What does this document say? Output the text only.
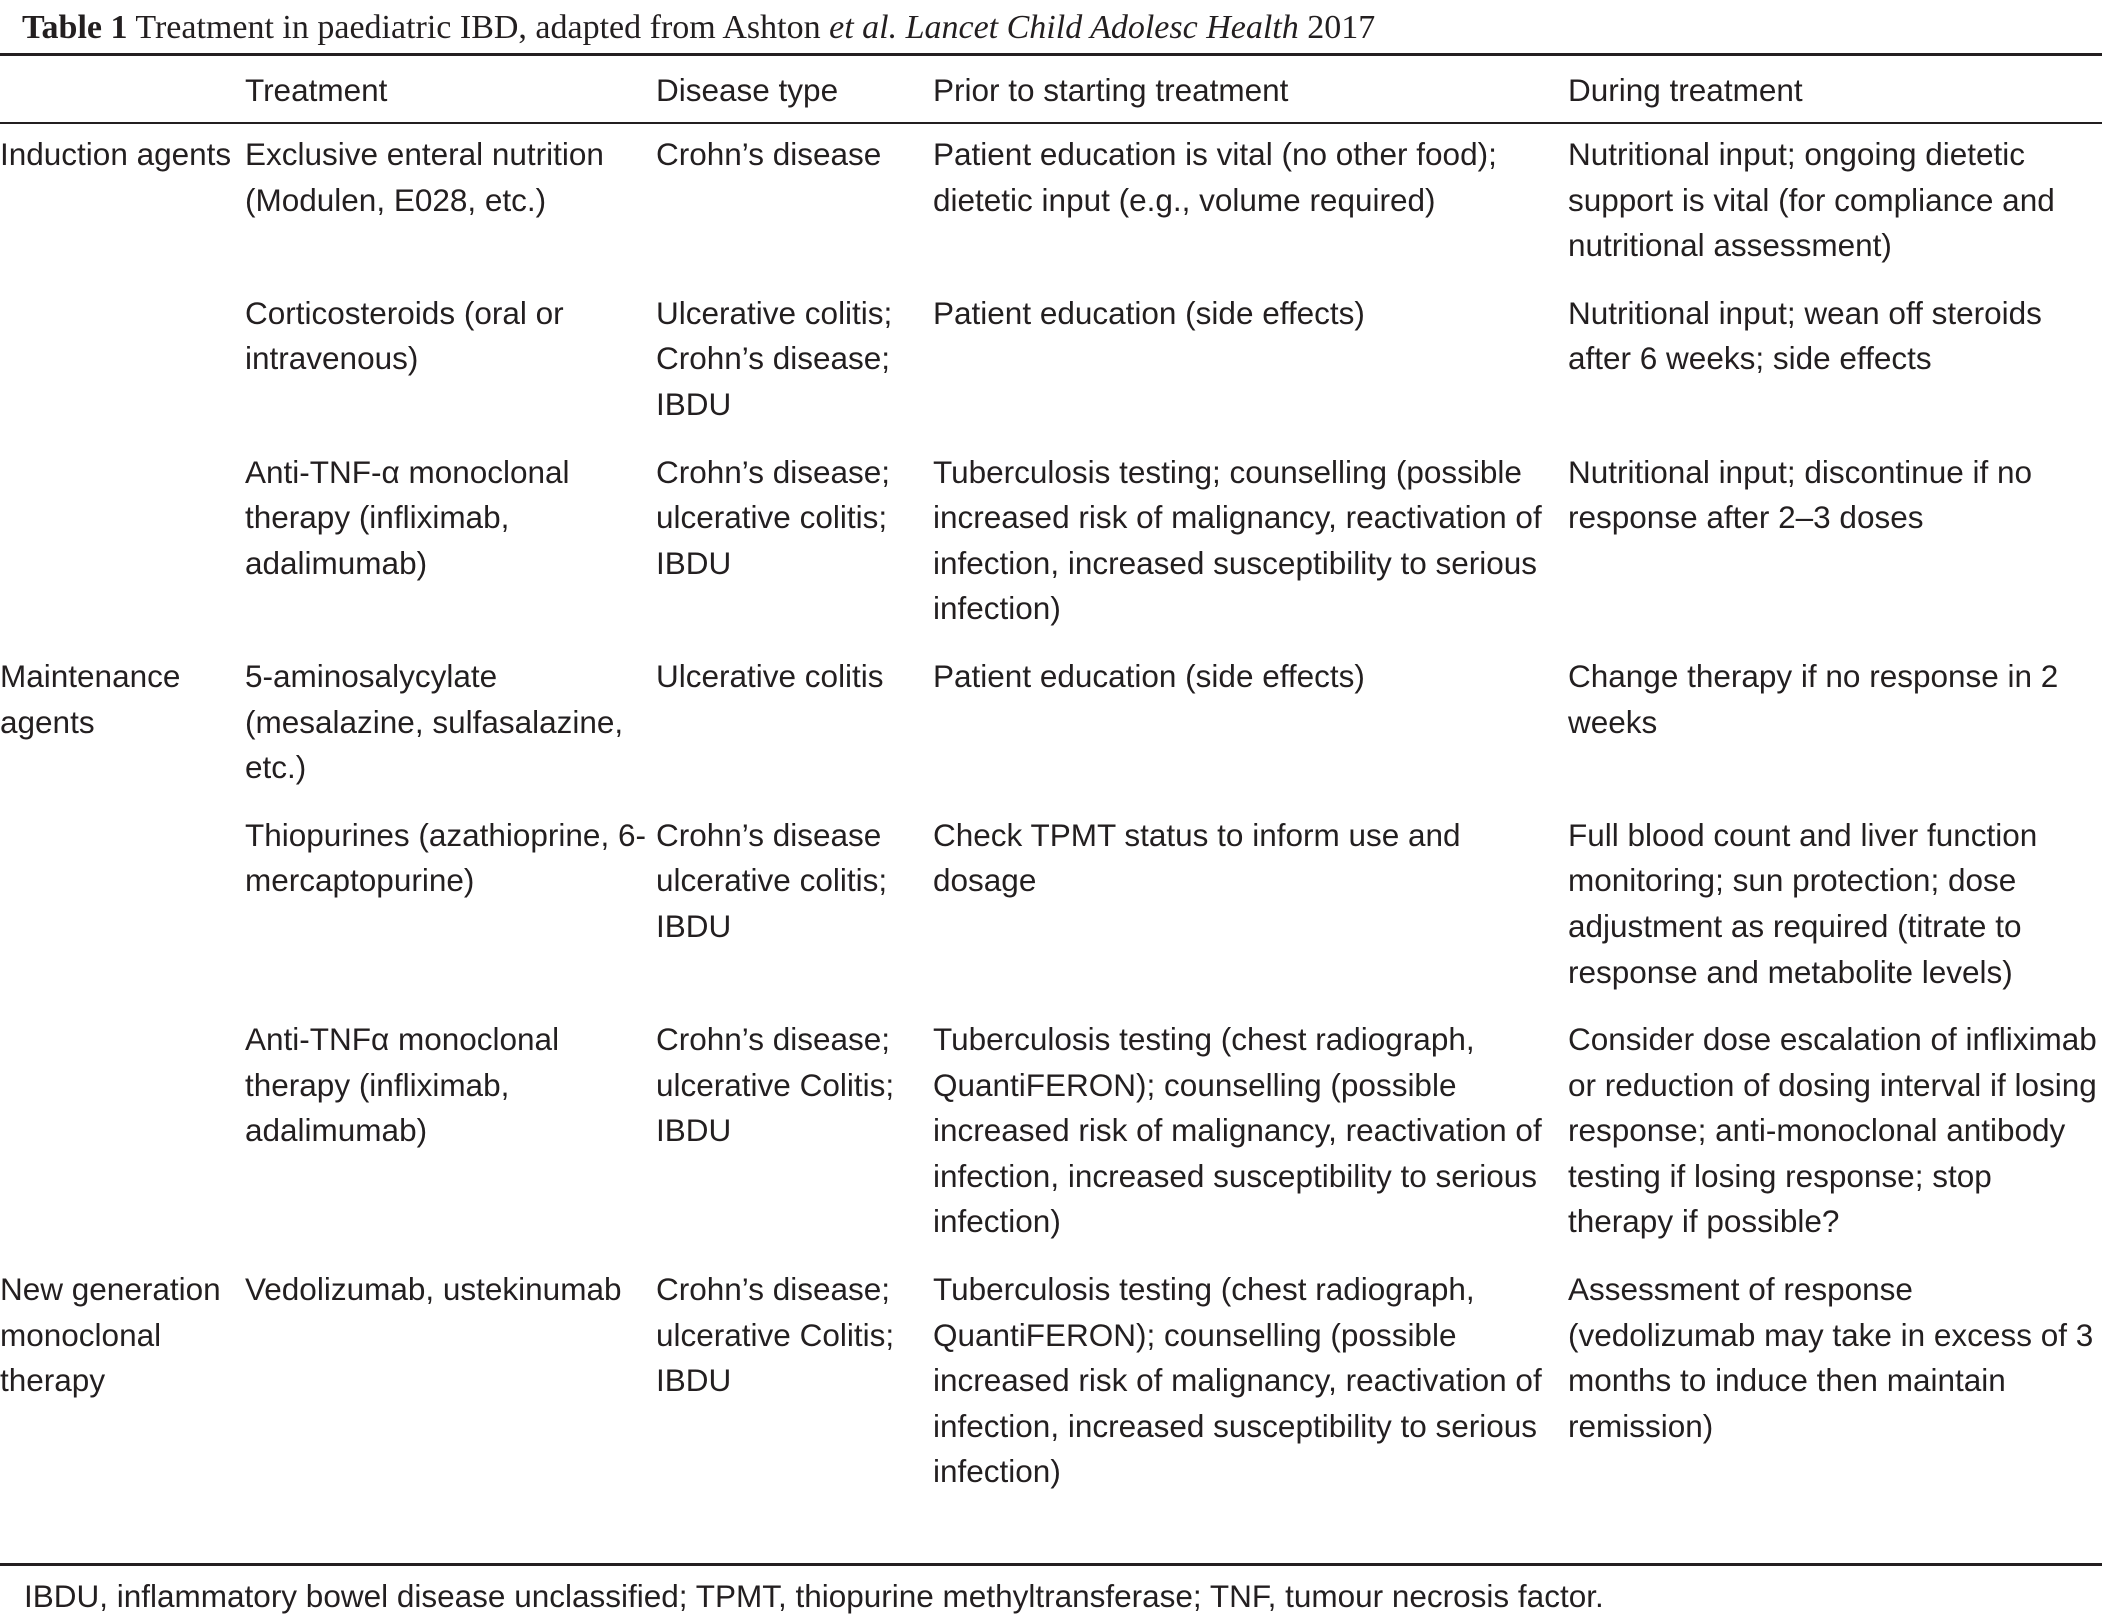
Table 1 Treatment in paediatric IBD, adapted from Ashton et al. Lancet Child Adolesc Health 2017
	Treatment	Disease type	Prior to starting treatment	During treatment
Induction agents	Exclusive enteral nutrition (Modulen, E028, etc.)	Crohn’s disease	Patient education is vital (no other food); dietetic input (e.g., volume required)	Nutritional input; ongoing dietetic support is vital (for compliance and nutritional assessment)
	Corticosteroids (oral or intravenous)	Ulcerative colitis; Crohn’s disease; IBDU	Patient education (side effects)	Nutritional input; wean off steroids after 6 weeks; side effects
	Anti-TNF-α monoclonal therapy (infliximab, adalimumab)	Crohn’s disease; ulcerative colitis; IBDU	Tuberculosis testing; counselling (possible increased risk of malignancy, reactivation of infection, increased susceptibility to serious infection)	Nutritional input; discontinue if no response after 2–3 doses
Maintenance agents	5-aminosalycylate (mesalazine, sulfasalazine, etc.)	Ulcerative colitis	Patient education (side effects)	Change therapy if no response in 2 weeks
	Thiopurines (azathioprine, 6-mercaptopurine)	Crohn’s disease ulcerative colitis; IBDU	Check TPMT status to inform use and dosage	Full blood count and liver function monitoring; sun protection; dose adjustment as required (titrate to response and metabolite levels)
	Anti-TNFα monoclonal therapy (infliximab, adalimumab)	Crohn’s disease; ulcerative Colitis; IBDU	Tuberculosis testing (chest radiograph, QuantiFERON); counselling (possible increased risk of malignancy, reactivation of infection, increased susceptibility to serious infection)	Consider dose escalation of infliximab or reduction of dosing interval if losing response; anti-monoclonal antibody testing if losing response; stop therapy if possible?
New generation monoclonal therapy	Vedolizumab, ustekinumab	Crohn’s disease; ulcerative Colitis; IBDU	Tuberculosis testing (chest radiograph, QuantiFERON); counselling (possible increased risk of malignancy, reactivation of infection, increased susceptibility to serious infection)	Assessment of response (vedolizumab may take in excess of 3 months to induce then maintain remission)
IBDU, inflammatory bowel disease unclassified; TPMT, thiopurine methyltransferase; TNF, tumour necrosis factor.
